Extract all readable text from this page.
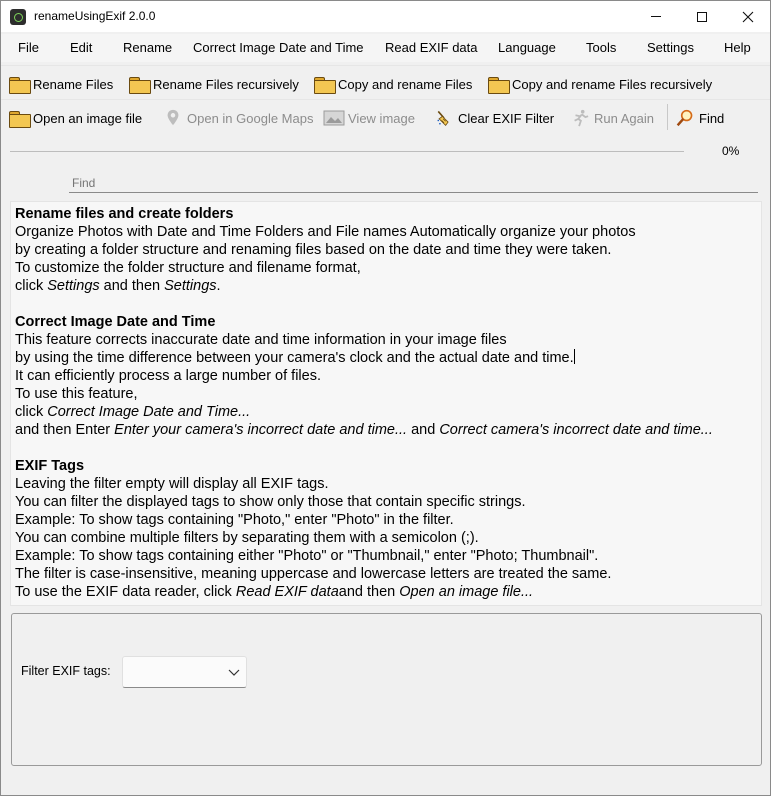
renameUsingExif 2.0.0
File Edit Rename Correct Image Date and Time Read EXIF data Language Tools Settings Help
Rename Files	Rename Files recursively	Copy and rename Files	Copy and rename Files recursively
Open an image file	Open in Google Maps	View image	Clear EXIF Filter	Run Again	Find
0%
Find

Rename files and create folders

Organize Photos with Date and Time Folders and File names Automatically organize your photos

by creating a folder structure and renaming files based on the date and time they were taken.

To customize the folder structure and filename format,

click Settings and then Settings.

Correct Image Date and Time

This feature corrects inaccurate date and time information in your image files

by using the time difference between your camera's clock and the actual date and time.

It can efficiently process a large number of files.

To use this feature,

click Correct Image Date and Time...

and then Enter Enter your camera's incorrect date and time... and Correct camera's incorrect date and time...

EXIF Tags

Leaving the filter empty will display all EXIF tags.

You can filter the displayed tags to show only those that contain specific strings.

Example: To show tags containing "Photo," enter "Photo" in the filter.

You can combine multiple filters by separating them with a semicolon (;).

Example: To show tags containing either "Photo" or "Thumbnail," enter "Photo; Thumbnail".

The filter is case-insensitive, meaning uppercase and lowercase letters are treated the same.

To use the EXIF data reader, click Read EXIF dataand then Open an image file...

Filter EXIF tags:
